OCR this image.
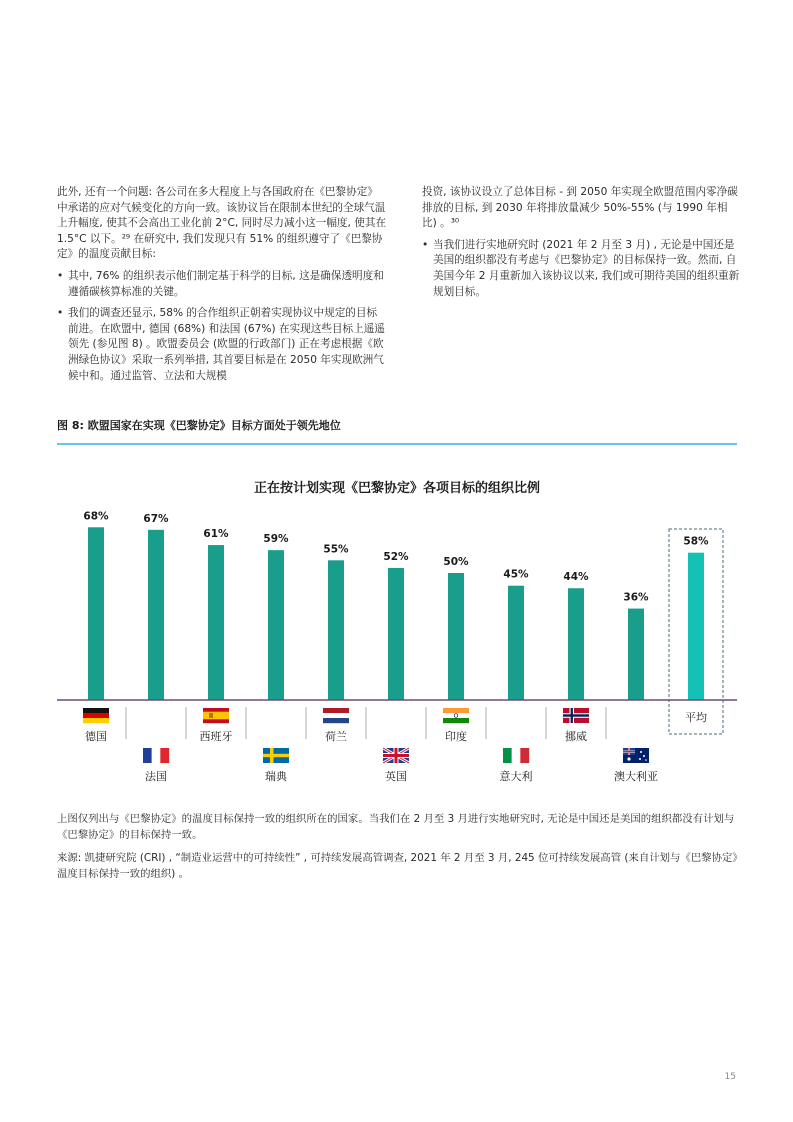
此外, 还有一个问题: 各公司在多大程度上与各国政府在《巴黎协定》中承诺的应对气候变化的方向一致。该协议旨在限制本世纪的全球气温上升幅度, 使其不会高出工业化前 2°C, 同时尽力减小这一幅度, 使其在 1.5°C 以下。²⁹ 在研究中, 我们发现只有 51% 的组织遵守了《巴黎协定》的温度贡献目标:

• 其中, 76% 的组织表示他们制定基于科学的目标, 这是确保透明度和遵循碳核算标准的关键。
• 我们的调查还显示, 58% 的合作组织正朝着实现协议中规定的目标前进。在欧盟中, 德国 (68%) 和法国 (67%) 在实现这些目标上遥遥领先 (参见图 8) 。欧盟委员会 (欧盟的行政部门) 正在考虑根据《欧洲绿色协议》采取一系列举措, 其首要目标是在 2050 年实现欧洲气候中和。通过监管、立法和大规模

投资, 该协议设立了总体目标 - 到 2050 年实现全欧盟范围内零净碳排放的目标, 到 2030 年将排放量减少 50%-55% (与 1990 年相比) 。³⁰

• 当我们进行实地研究时 (2021 年 2 月至 3 月) , 无论是中国还是美国的组织都没有考虑与《巴黎协定》的目标保持一致。然而, 自美国今年 2 月重新加入该协议以来, 我们或可期待美国的组织重新规划目标。
图 8: 欧盟国家在实现《巴黎协定》目标方面处于领先地位
正在按计划实现《巴黎协定》各项目标的组织比例
68%	67%
61%	59%
55%
52%	50%
45%	44%
36%
58%
德国
法国
西班牙
瑞典
荷兰
英国
印度
意大利
挪威
澳大利亚
平均

上图仅列出与《巴黎协定》的温度目标保持一致的组织所在的国家。当我们在 2 月至 3 月进行实地研究时, 无论是中国还是美国的组织都没有计划与《巴黎协定》的目标保持一致。

来源: 凯捷研究院 (CRI) , “制造业运营中的可持续性” , 可持续发展高管调查, 2021 年 2 月至 3 月, 245 位可持续发展高管 (来自计划与《巴黎协定》温度目标保持一致的组织) 。

15
